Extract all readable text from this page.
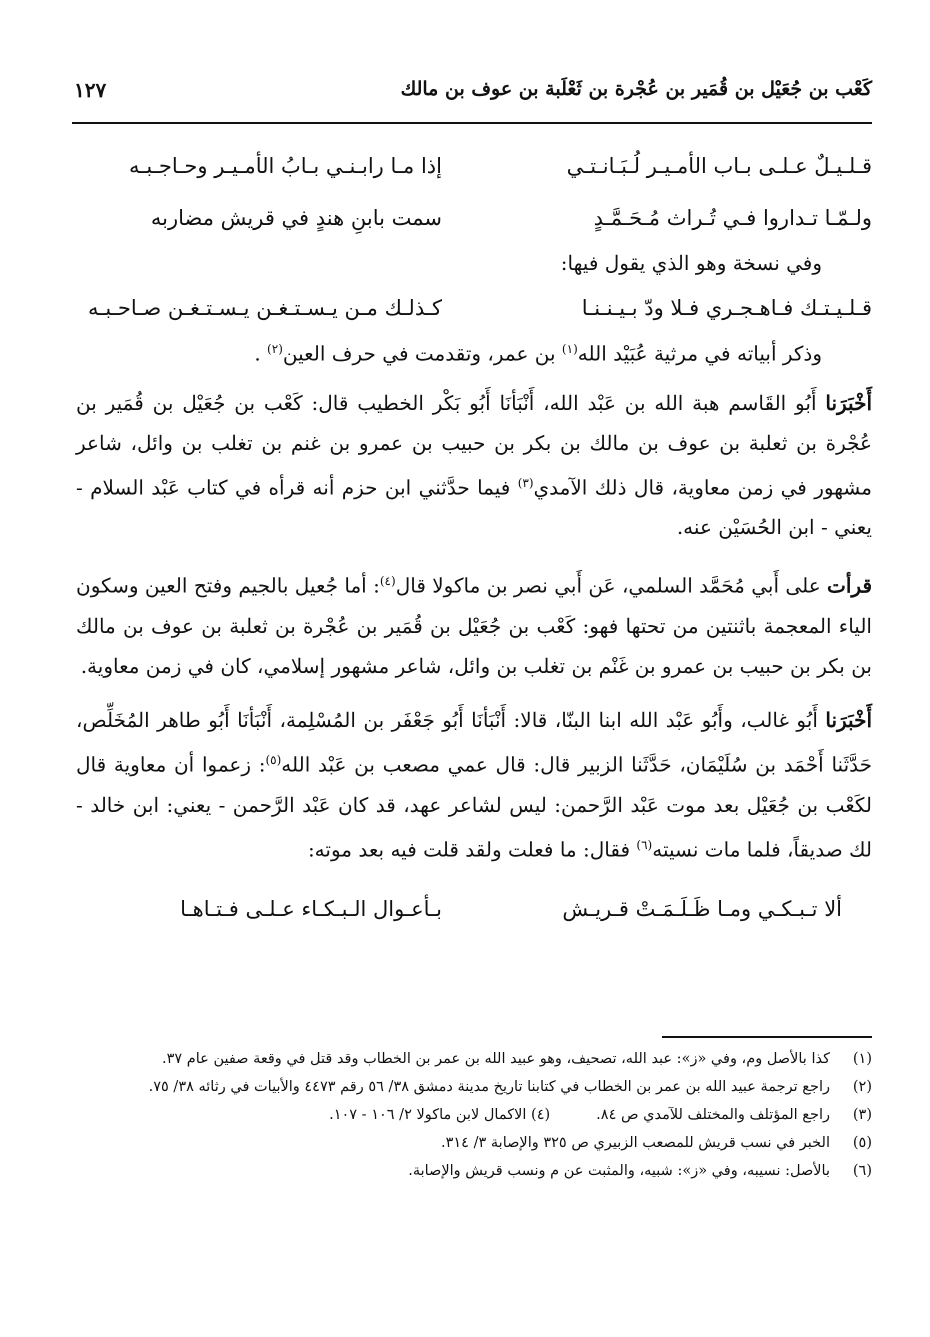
كَعْب بن جُعَيْل بن قُمَير بن عُجْرة بن ثَعْلَبة بن عوف بن مالك
١٢٧
قـلـيـلٌ عـلـى بـاب الأمـيـر لُـبَـانـتـي
إذا مـا رابـنـي بـابُ الأمـيـر وحـاجـبـه
ولـمّـا تـداروا فـي تُـراث مُـحَـمَّـدٍ
سمت بابنِ هندٍ في قريش مضاربه
وفي نسخة وهو الذي يقول فيها:
قـلـيـتـك فـاهـجـري فـلا ودّ بـيـنـنـا
كـذلـك مـن يـسـتـغـن يـسـتـغـن صـاحـبـه
وذكر أبياته في مرثية عُبَيْد الله$^{(١)}$ بن عمر، وتقدمت في حرف العين$^{(٢)}$ .

أَخْبَرَنا أَبُو القَاسم هبة الله بن عَبْد الله، أَنْبَأنَا أَبُو بَكْر الخطيب قال: كَعْب بن جُعَيْل بن قُمَير بن عُجْرة بن ثعلبة بن عوف بن مالك بن بكر بن حبيب بن عمرو بن غنم بن تغلب بن وائل، شاعر مشهور في زمن معاوية، قال ذلك الآمدي$^{(٣)}$ فيما حدَّثني ابن حزم أنه قرأه في كتاب عَبْد السلام - يعني - ابن الحُسَيْن عنه.

قرأت على أَبي مُحَمَّد السلمي، عَن أَبي نصر بن ماكولا قال$^{(٤)}$: أما جُعيل بالجيم وفتح العين وسكون الياء المعجمة باثنتين من تحتها فهو: كَعْب بن جُعَيْل بن قُمَير بن عُجْرة بن ثعلبة بن عوف بن مالك بن بكر بن حبيب بن عمرو بن غَنْم بن تغلب بن وائل، شاعر مشهور إسلامي، كان في زمن معاوية.

أَخْبَرَنا أَبُو غالب، وأَبُو عَبْد الله ابنا البنّا، قالا: أَنْبَأنَا أَبُو جَعْفَر بن المُسْلِمة، أَنْبَأنَا أَبُو طاهر المُخَلِّص، حَدَّثَنا أَحْمَد بن سُلَيْمَان، حَدَّثَنا الزبير قال: قال عمي مصعب بن عَبْد الله$^{(٥)}$: زعموا أن معاوية قال لكَعْب بن جُعَيْل بعد موت عَبْد الرَّحمن: ليس لشاعر عهد، قد كان عَبْد الرَّحمن - يعني: ابن خالد - لك صديقاً، فلما مات نسيته$^{(٦)}$ فقال: ما فعلت ولقد قلت فيه بعد موته:

ألا تـبـكـي ومـا ظَـلَـمَـتْ قـريـش
بـأعـوال الـبـكـاء عـلـى فـتـاهـا
(١)
كذا بالأصل وم، وفي «ز»: عبد الله، تصحيف، وهو عبيد الله بن عمر بن الخطاب وقد قتل في وقعة صفين عام ٣٧.
(٢)
راجع ترجمة عبيد الله بن عمر بن الخطاب في كتابنا تاريخ مدينة دمشق ٣٨/ ٥٦ رقم ٤٤٧٣ والأبيات في رثائه ٣٨/ ٧٥.
(٣)
راجع المؤتلف والمختلف للآمدي ص ٨٤.
(٤) الاكمال لابن ماكولا ٢/ ١٠٦ - ١٠٧.
(٥)
الخبر في نسب قريش للمصعب الزبيري ص ٣٢٥ والإصابة ٣/ ٣١٤.
(٦)
بالأصل: نسيبه، وفي «ز»: شبيه، والمثبت عن م ونسب قريش والإصابة.
